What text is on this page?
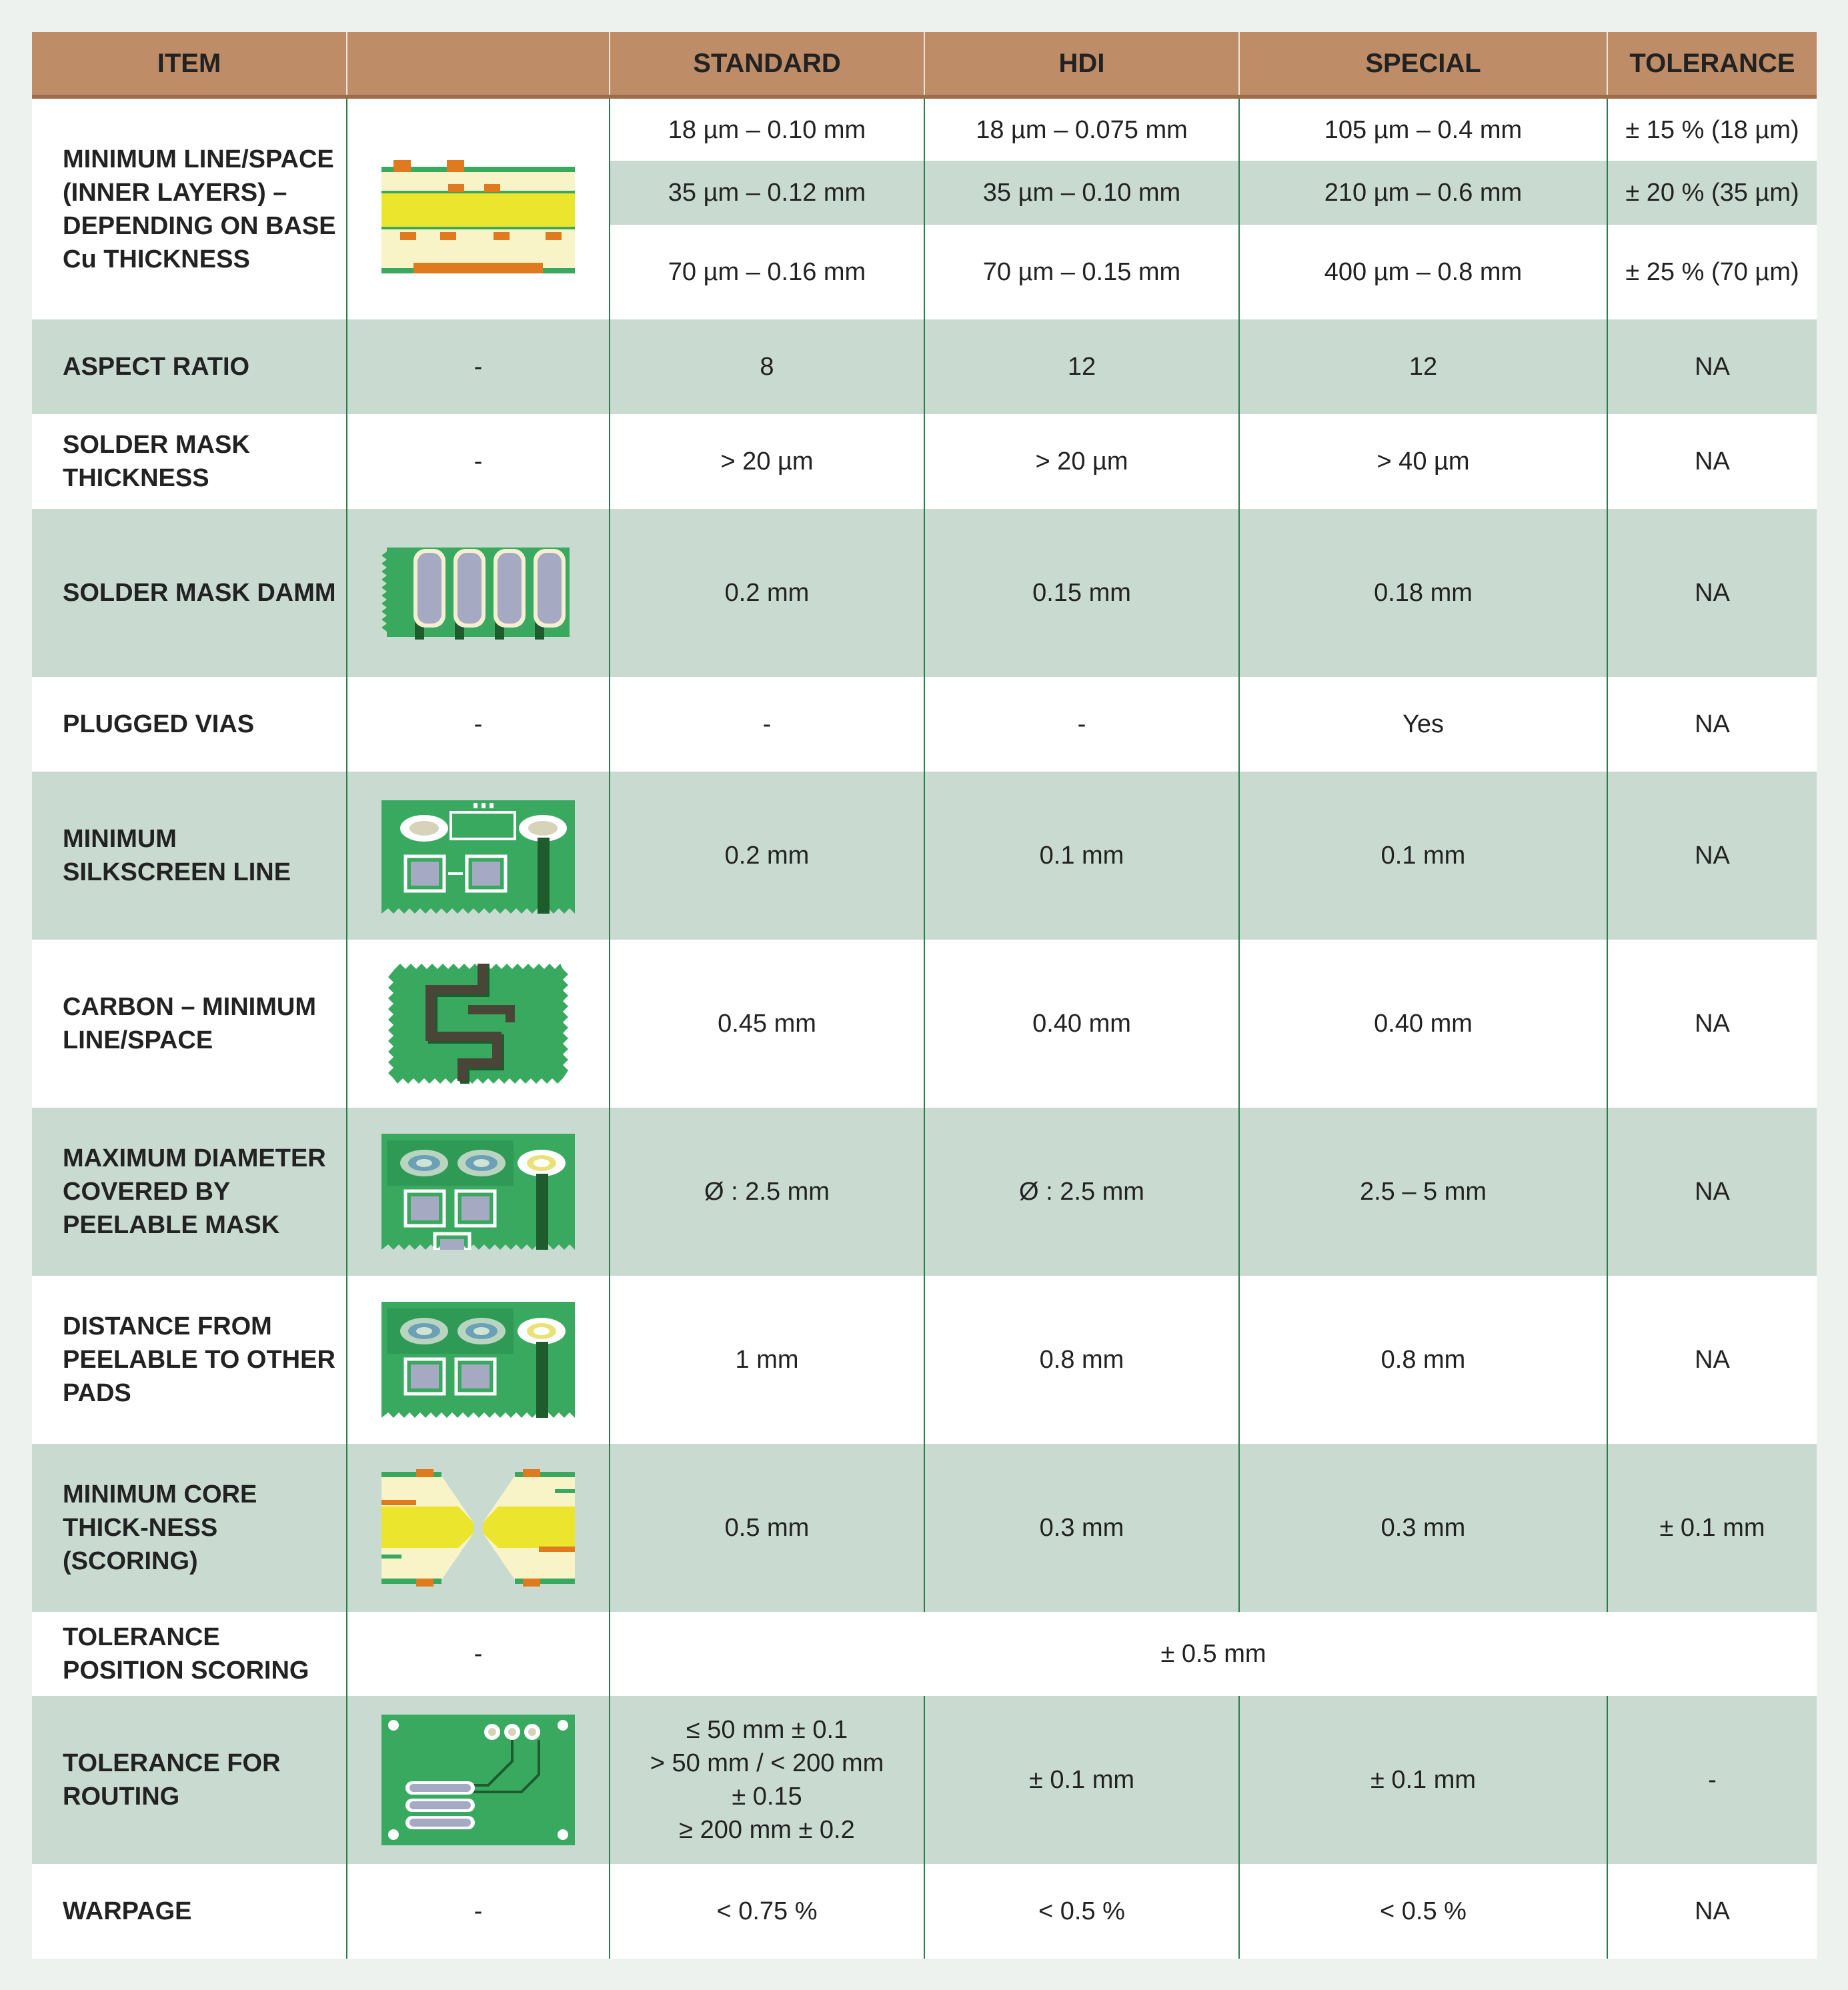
ITEM		STANDARD	HDI	SPECIAL	TOLERANCE
MINIMUM LINE/SPACE (INNER LAYERS) – DEPENDING ON BASE Cu THICKNESS		18 µm – 0.10 mm	18 µm – 0.075 mm	105 µm – 0.4 mm	± 15 % (18 µm)
		35 µm – 0.12 mm	35 µm – 0.10 mm	210 µm – 0.6 mm	± 20 % (35 µm)
		70 µm – 0.16 mm	70 µm – 0.15 mm	400 µm – 0.8 mm	± 25 % (70 µm)
ASPECT RATIO	-	8	12	12	NA
SOLDER MASK THICKNESS	-	> 20 µm	> 20 µm	> 40 µm	NA
SOLDER MASK DAMM		0.2 mm	0.15 mm	0.18 mm	NA
PLUGGED VIAS	-	-	-	Yes	NA
MINIMUM SILKSCREEN LINE		0.2 mm	0.1 mm	0.1 mm	NA
CARBON – MINIMUM LINE/SPACE		0.45 mm	0.40 mm	0.40 mm	NA
MAXIMUM DIAMETER COVERED BY PEELABLE MASK		Ø : 2.5 mm	Ø : 2.5 mm	2.5 – 5 mm	NA
DISTANCE FROM PEELABLE TO OTHER PADS		1 mm	0.8 mm	0.8 mm	NA
MINIMUM CORE THICK-NESS (SCORING)		0.5 mm	0.3 mm	0.3 mm	± 0.1 mm
TOLERANCE POSITION SCORING	-	± 0.5 mm			
TOLERANCE FOR ROUTING		≤ 50 mm ± 0.1
> 50 mm / < 200 mm
± 0.15
≥ 200 mm ± 0.2	± 0.1 mm	± 0.1 mm	-
WARPAGE	-	< 0.75 %	< 0.5 %	< 0.5 %	NA
